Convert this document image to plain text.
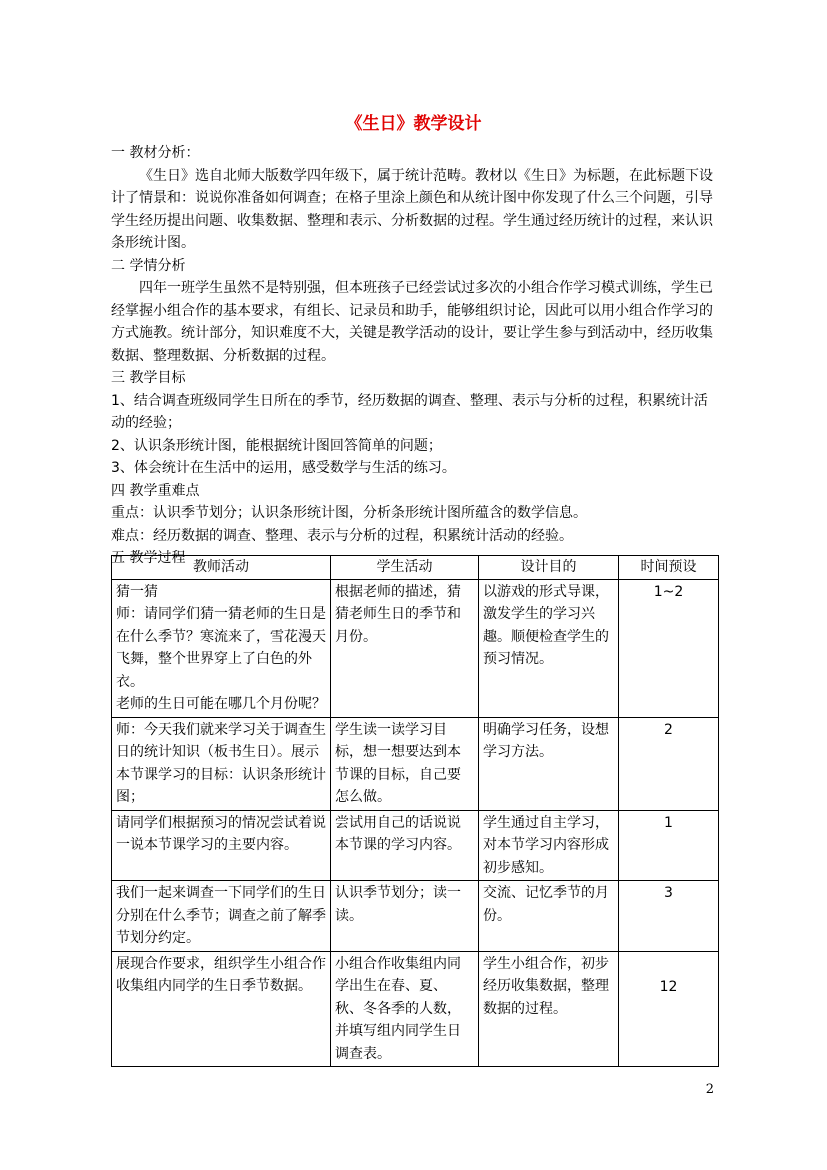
《生日》教学设计

一 教材分析：

《生日》选自北师大版数学四年级下，属于统计范畴。教材以《生日》为标题，在此标题下设计了情景和：说说你准备如何调查；在格子里涂上颜色和从统计图中你发现了什么三个问题，引导学生经历提出问题、收集数据、整理和表示、分析数据的过程。学生通过经历统计的过程，来认识条形统计图。

二 学情分析

四年一班学生虽然不是特别强，但本班孩子已经尝试过多次的小组合作学习模式训练，学生已经掌握小组合作的基本要求，有组长、记录员和助手，能够组织讨论，因此可以用小组合作学习的方式施教。统计部分，知识难度不大，关键是教学活动的设计，要让学生参与到活动中，经历收集数据、整理数据、分析数据的过程。

三 教学目标

1、结合调查班级同学生日所在的季节，经历数据的调查、整理、表示与分析的过程，积累统计活动的经验；

2、认识条形统计图，能根据统计图回答简单的问题；

3、体会统计在生活中的运用，感受数学与生活的练习。

四 教学重难点

重点：认识季节划分；认识条形统计图，分析条形统计图所蕴含的数学信息。

难点：经历数据的调查、整理、表示与分析的过程，积累统计活动的经验。

五 教学过程

教师活动	学生活动	设计目的	时间预设
猜一猜
师：请同学们猜一猜老师的生日是在什么季节？寒流来了，雪花漫天飞舞，整个世界穿上了白色的外衣。
老师的生日可能在哪几个月份呢？	根据老师的描述，猜猜老师生日的季节和月份。	以游戏的形式导课，激发学生的学习兴趣。顺便检查学生的预习情况。	1~2
师：今天我们就来学习关于调查生日的统计知识（板书生日）。展示本节课学习的目标：认识条形统计图；	学生读一读学习目标，想一想要达到本节课的目标，自己要怎么做。	明确学习任务，设想学习方法。	2
请同学们根据预习的情况尝试着说一说本节课学习的主要内容。	尝试用自己的话说说本节课的学习内容。	学生通过自主学习，对本节学习内容形成初步感知。	1
我们一起来调查一下同学们的生日分别在什么季节；调查之前了解季节划分约定。	认识季节划分；读一读。	交流、记忆季节的月份。	3
展现合作要求，组织学生小组合作收集组内同学的生日季节数据。	小组合作收集组内同学出生在春、夏、秋、冬各季的人数，并填写组内同学生日调查表。	学生小组合作，初步经历收集数据，整理数据的过程。	12
2
